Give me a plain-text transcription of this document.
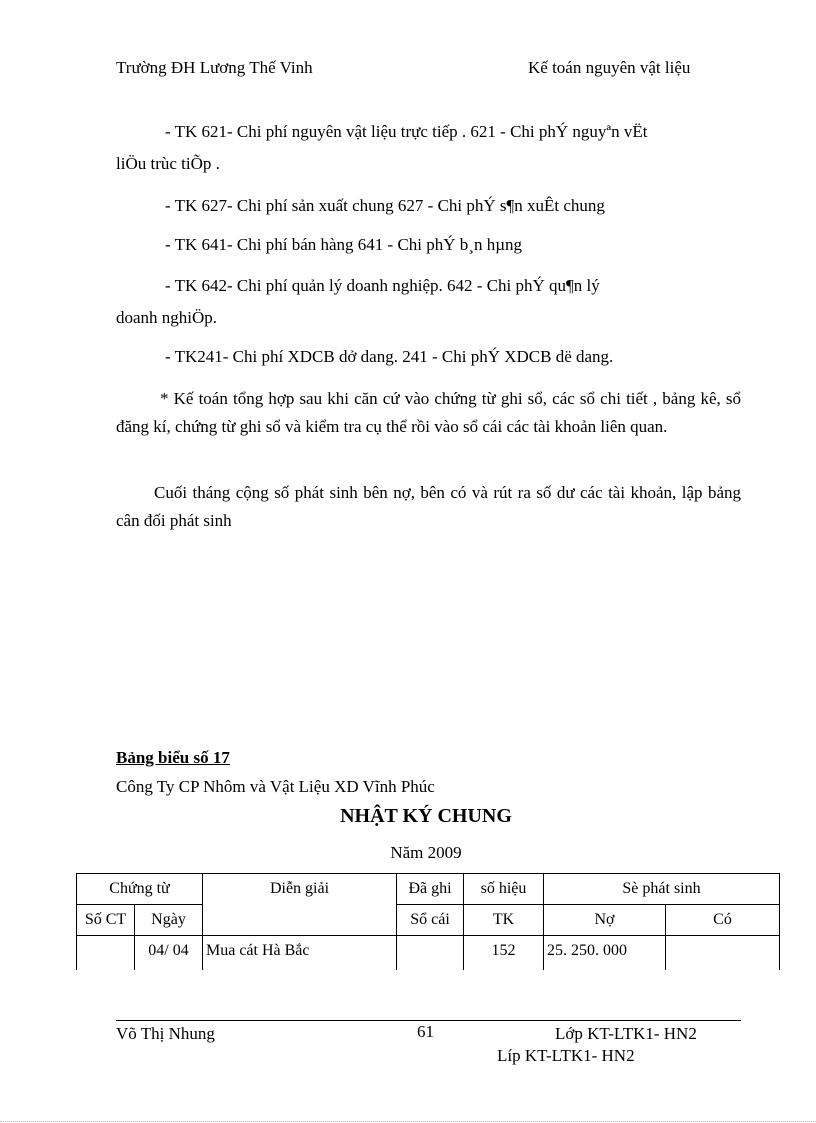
Trường ĐH Lương Thế Vinh	Kế toán nguyên vật liệu
- TK 621- Chi phí nguyên vật liệu trực tiếp . 621 - Chi phÝ nguyªn vËt
liÖu trùc tiÕp .
- TK 627- Chi phí sản xuất chung 627 - Chi phÝ s¶n xuÊt chung
- TK 641- Chi phí bán hàng 641 - Chi phÝ b¸n hµng
- TK 642- Chi phí quản lý doanh nghiệp. 642 - Chi phÝ qu¶n lý
doanh nghiÖp.
- TK241- Chi phí XDCB dở dang. 241 - Chi phÝ XDCB dë dang.

* Kế toán tổng hợp sau khi căn cứ vào chứng từ ghi sổ, các sổ chi tiết , bảng kê, sổ đăng kí, chứng từ ghi sổ và kiểm tra cụ thể rồi vào sổ cái các tài khoản liên quan.

Cuối tháng cộng số phát sinh bên nợ, bên có và rút ra số dư các tài khoản, lập bảng cân đối phát sinh

Bảng biểu số 17
Công Ty CP Nhôm và Vật Liệu XD Vĩnh Phúc
NHẬT KÝ CHUNG
Năm 2009
Chứng từ		Diễn giải	Đã ghi	số hiệu	Sè phát sinh	
Số CT	Ngày		Sổ cái	TK	Nợ	Có
	04/ 04	Mua cát Hà Bắc		152	25. 250. 000	
Võ Thị Nhung	61	Lớp KT-LTK1- HN2
Líp KT-LTK1- HN2
